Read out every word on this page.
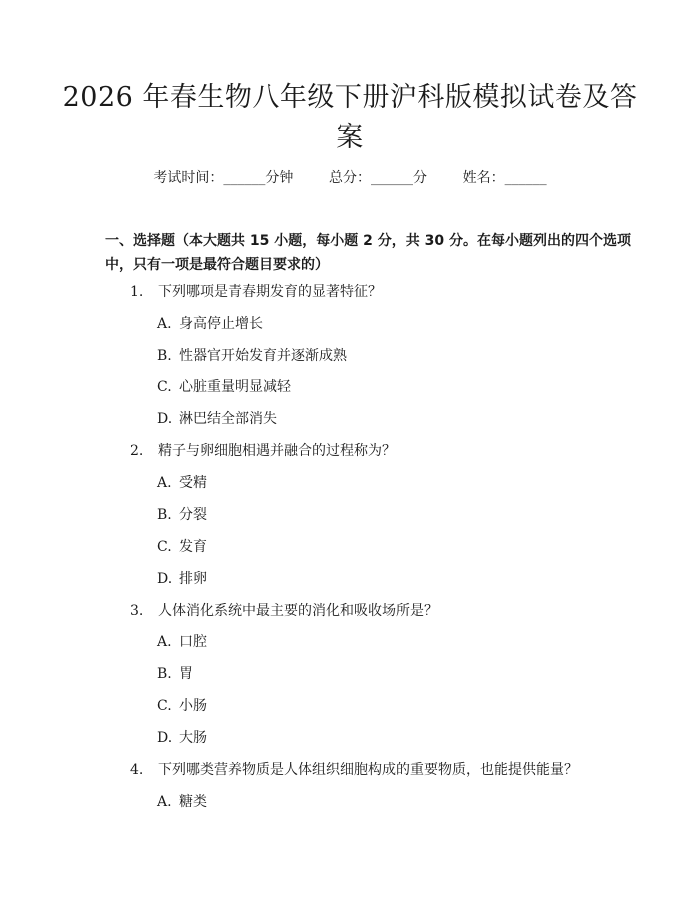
2026 年春生物八年级下册沪科版模拟试卷及答案
考试时间：______分钟	总分：______分	姓名：______
一、选择题（本大题共 15 小题，每小题 2 分，共 30 分。在每小题列出的四个选项中，只有一项是最符合题目要求的）
1. 下列哪项是青春期发育的显著特征？
A. 身高停止增长
B. 性器官开始发育并逐渐成熟
C. 心脏重量明显减轻
D. 淋巴结全部消失
2. 精子与卵细胞相遇并融合的过程称为？
A. 受精
B. 分裂
C. 发育
D. 排卵
3. 人体消化系统中最主要的消化和吸收场所是？
A. 口腔
B. 胃
C. 小肠
D. 大肠
4. 下列哪类营养物质是人体组织细胞构成的重要物质，也能提供能量？
A. 糖类
